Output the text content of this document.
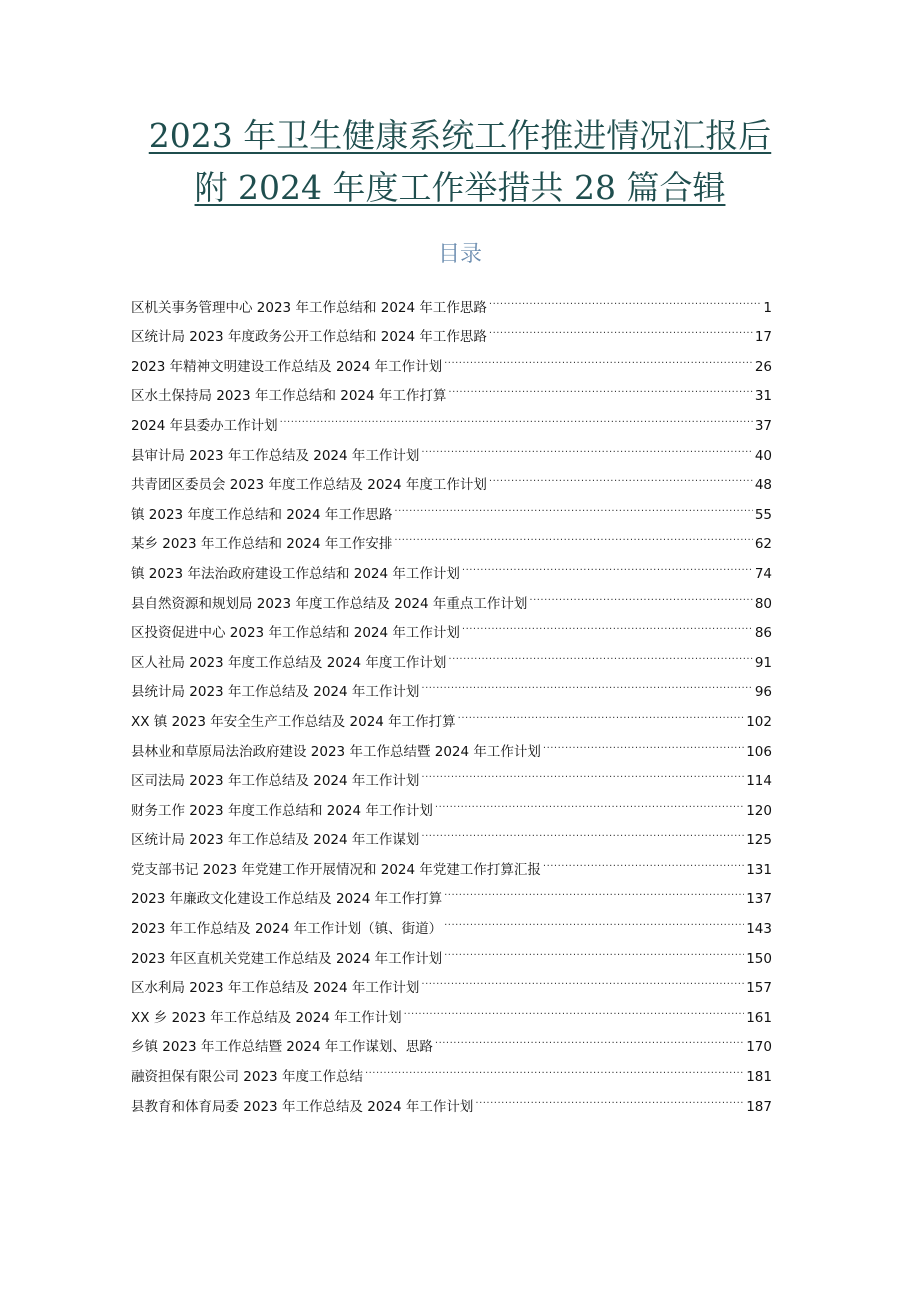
2023 年卫生健康系统工作推进情况汇报后
附 2024 年度工作举措共 28 篇合辑
目录
区机关事务管理中心 2023 年工作总结和 2024 年工作思路 .....	1
区统计局 2023 年度政务公开工作总结和 2024 年工作思路 .....	17
2023 年精神文明建设工作总结及 2024 年工作计划 .....	26
区水土保持局 2023 年工作总结和 2024 年工作打算 .....	31
2024 年县委办工作计划 .....	37
县审计局 2023 年工作总结及 2024 年工作计划 .....	40
共青团区委员会 2023 年度工作总结及 2024 年度工作计划 .....	48
镇 2023 年度工作总结和 2024 年工作思路 .....	55
某乡 2023 年工作总结和 2024 年工作安排 .....	62
镇 2023 年法治政府建设工作总结和 2024 年工作计划 .....	74
县自然资源和规划局 2023 年度工作总结及 2024 年重点工作计划 .....	80
区投资促进中心 2023 年工作总结和 2024 年工作计划 .....	86
区人社局 2023 年度工作总结及 2024 年度工作计划 .....	91
县统计局 2023 年工作总结及 2024 年工作计划 .....	96
XX 镇 2023 年安全生产工作总结及 2024 年工作打算 .....	102
县林业和草原局法治政府建设 2023 年工作总结暨 2024 年工作计划 .....	106
区司法局 2023 年工作总结及 2024 年工作计划 .....	114
财务工作 2023 年度工作总结和 2024 年工作计划 .....	120
区统计局 2023 年工作总结及 2024 年工作谋划 .....	125
党支部书记 2023 年党建工作开展情况和 2024 年党建工作打算汇报 .....	131
2023 年廉政文化建设工作总结及 2024 年工作打算 .....	137
2023 年工作总结及 2024 年工作计划（镇、街道） .....	143
2023 年区直机关党建工作总结及 2024 年工作计划 .....	150
区水利局 2023 年工作总结及 2024 年工作计划 .....	157
XX 乡 2023 年工作总结及 2024 年工作计划 .....	161
乡镇 2023 年工作总结暨 2024 年工作谋划、思路 .....	170
融资担保有限公司 2023 年度工作总结 .....	181
县教育和体育局委 2023 年工作总结及 2024 年工作计划 .....	187
